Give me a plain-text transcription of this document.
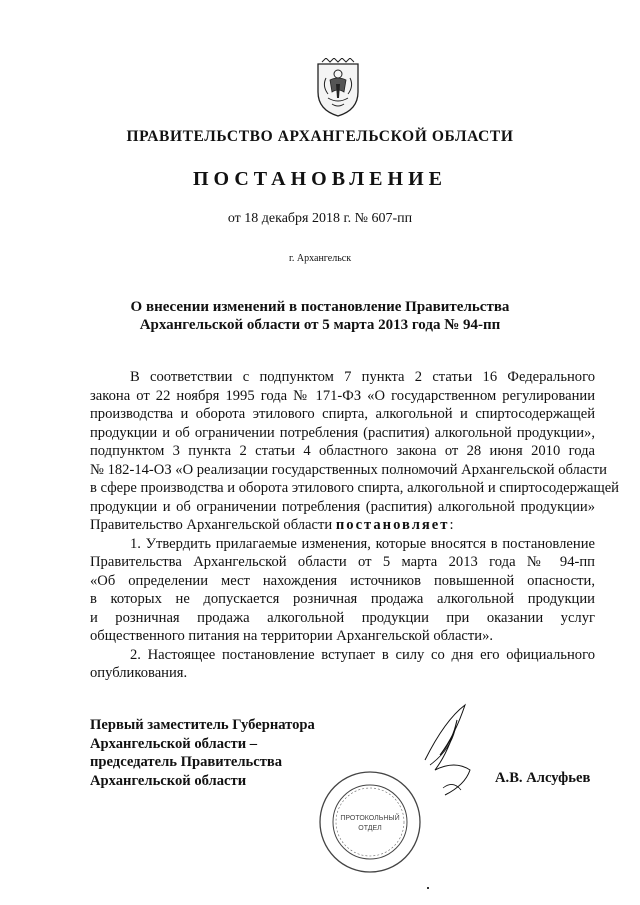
ПРАВИТЕЛЬСТВО АРХАНГЕЛЬСКОЙ ОБЛАСТИ
ПОСТАНОВЛЕНИЕ
от 18 декабря 2018 г. № 607-пп
г. Архангельск
О внесении изменений в постановление Правительства
Архангельской области от 5 марта 2013 года № 94-пп
В соответствии с подпунктом 7 пункта 2 статьи 16 Федерального
закона от 22 ноября 1995 года № 171-ФЗ «О государственном регулировании
производства и оборота этилового спирта, алкогольной и спиртосодержащей
продукции и об ограничении потребления (распития) алкогольной продукции»,
подпунктом 3 пункта 2 статьи 4 областного закона от 28 июня 2010 года
№ 182-14-ОЗ «О реализации государственных полномочий Архангельской области
в сфере производства и оборота этилового спирта, алкогольной и спиртосодержащей
продукции и об ограничении потребления (распития) алкогольной продукции»
Правительство Архангельской области постановляет:
1. Утвердить прилагаемые изменения, которые вносятся в постановление
Правительства Архангельской области от 5 марта 2013 года № 94-пп
«Об определении мест нахождения источников повышенной опасности,
в которых не допускается розничная продажа алкогольной продукции
и розничная продажа алкогольной продукции при оказании услуг
общественного питания на территории Архангельской области».
2. Настоящее постановление вступает в силу со дня его официального
опубликования.
Первый заместитель Губернатора
Архангельской области –
председатель Правительства
Архангельской области
ПРОТОКОЛЬНЫЙ
ОТДЕЛ
А.В. Алсуфьев
